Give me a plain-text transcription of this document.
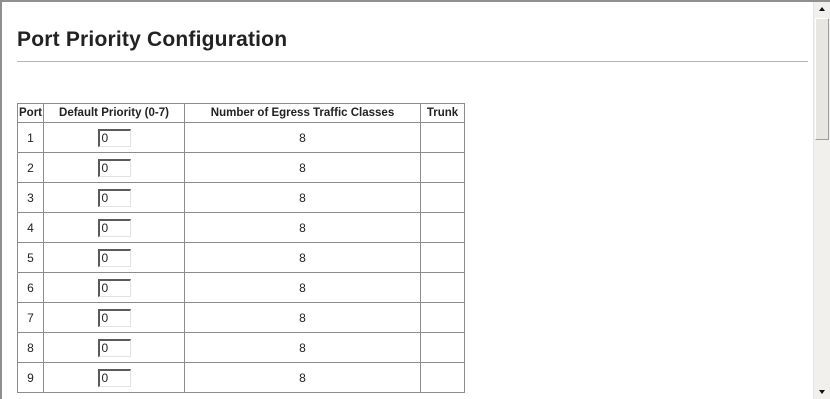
Port Priority Configuration
Port	Default Priority (0-7)	Number of Egress Traffic Classes	Trunk
1	0	8	
2	0	8	
3	0	8	
4	0	8	
5	0	8	
6	0	8	
7	0	8	
8	0	8	
9	0	8	
